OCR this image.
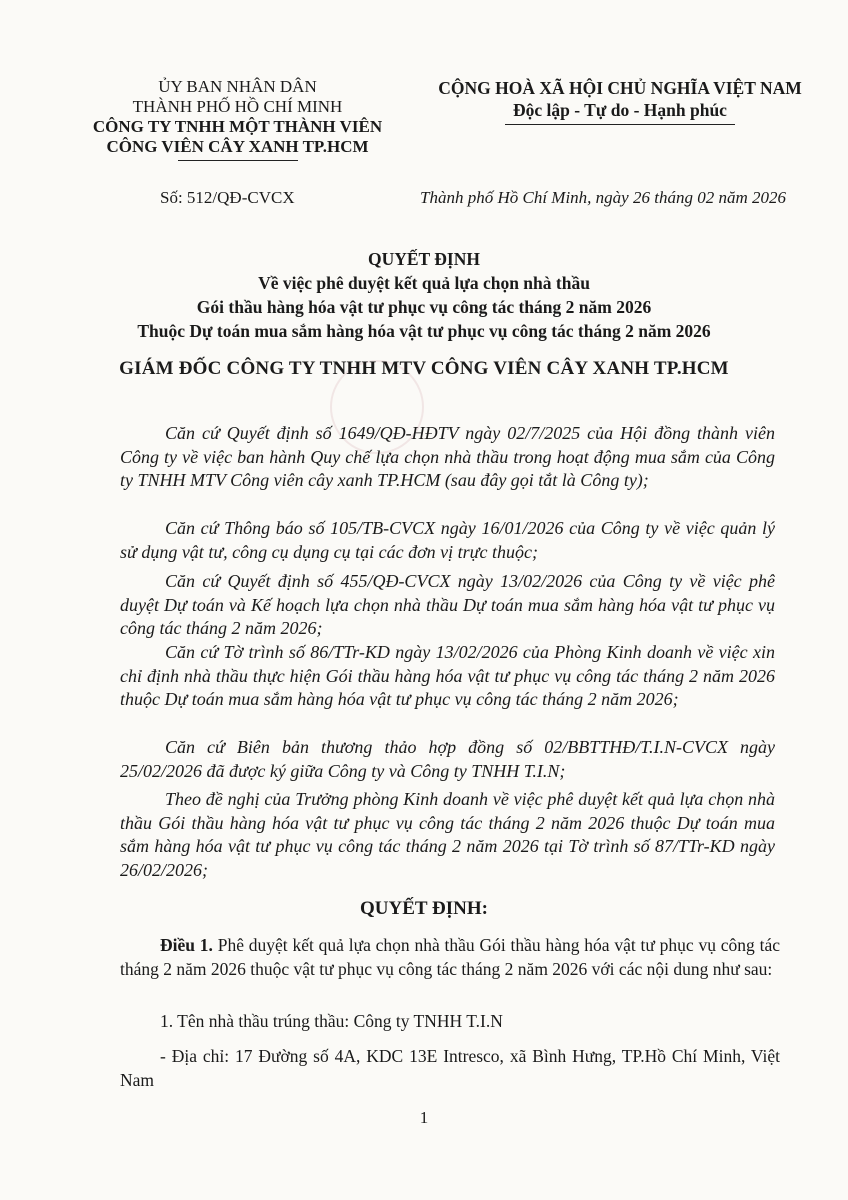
ỦY BAN NHÂN DÂN
THÀNH PHỐ HỒ CHÍ MINH
CÔNG TY TNHH MỘT THÀNH VIÊN
CÔNG VIÊN CÂY XANH TP.HCM
CỘNG HOÀ XÃ HỘI CHỦ NGHĨA VIỆT NAM
Độc lập - Tự do - Hạnh phúc
Số: 512/QĐ-CVCX	Thành phố Hồ Chí Minh, ngày 26 tháng 02 năm 2026
QUYẾT ĐỊNH
Về việc phê duyệt kết quả lựa chọn nhà thầu
Gói thầu hàng hóa vật tư phục vụ công tác tháng 2 năm 2026
Thuộc Dự toán mua sắm hàng hóa vật tư phục vụ công tác tháng 2 năm 2026
GIÁM ĐỐC CÔNG TY TNHH MTV CÔNG VIÊN CÂY XANH TP.HCM
Căn cứ Quyết định số 1649/QĐ-HĐTV ngày 02/7/2025 của Hội đồng thành viên Công ty về việc ban hành Quy chế lựa chọn nhà thầu trong hoạt động mua sắm của Công ty TNHH MTV Công viên cây xanh TP.HCM (sau đây gọi tắt là Công ty);
Căn cứ Thông báo số 105/TB-CVCX ngày 16/01/2026 của Công ty về việc quản lý sử dụng vật tư, công cụ dụng cụ tại các đơn vị trực thuộc;
Căn cứ Quyết định số 455/QĐ-CVCX ngày 13/02/2026 của Công ty về việc phê duyệt Dự toán và Kế hoạch lựa chọn nhà thầu Dự toán mua sắm hàng hóa vật tư phục vụ công tác tháng 2 năm 2026;
Căn cứ Tờ trình số 86/TTr-KD ngày 13/02/2026 của Phòng Kinh doanh về việc xin chỉ định nhà thầu thực hiện Gói thầu hàng hóa vật tư phục vụ công tác tháng 2 năm 2026 thuộc Dự toán mua sắm hàng hóa vật tư phục vụ công tác tháng 2 năm 2026;
Căn cứ Biên bản thương thảo hợp đồng số 02/BBTTHĐ/T.I.N-CVCX ngày 25/02/2026 đã được ký giữa Công ty và Công ty TNHH T.I.N;
Theo đề nghị của Trưởng phòng Kinh doanh về việc phê duyệt kết quả lựa chọn nhà thầu Gói thầu hàng hóa vật tư phục vụ công tác tháng 2 năm 2026 thuộc Dự toán mua sắm hàng hóa vật tư phục vụ công tác tháng 2 năm 2026 tại Tờ trình số 87/TTr-KD ngày 26/02/2026;
QUYẾT ĐỊNH:
Điều 1. Phê duyệt kết quả lựa chọn nhà thầu Gói thầu hàng hóa vật tư phục vụ công tác tháng 2 năm 2026 thuộc vật tư phục vụ công tác tháng 2 năm 2026 với các nội dung như sau:
1. Tên nhà thầu trúng thầu: Công ty TNHH T.I.N
- Địa chỉ: 17 Đường số 4A, KDC 13E Intresco, xã Bình Hưng, TP.Hồ Chí Minh, Việt Nam
1
